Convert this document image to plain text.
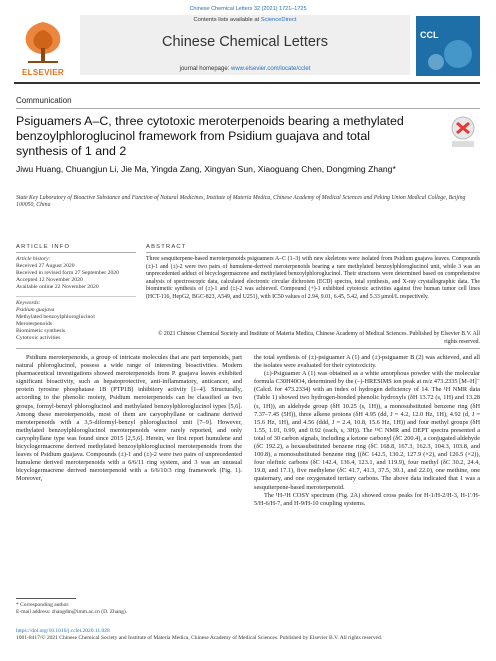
Chinese Chemical Letters 32 (2021) 1721–1725
ELSEVIER
Contents lists available at ScienceDirect
Chinese Chemical Letters
journal homepage: www.elsevier.com/locate/cclet
CCL
Communication
Psiguamers A–C, three cytotoxic meroterpenoids bearing a methylated benzoylphloroglucinol framework from Psidium guajava and total synthesis of 1 and 2
Jiwu Huang, Chuangjun Li, Jie Ma, Yingda Zang, Xingyan Sun, Xiaoguang Chen, Dongming Zhang*
State Key Laboratory of Bioactive Substance and Function of Natural Medicines, Institute of Materia Medica, Chinese Academy of Medical Sciences and Peking Union Medical College, Beijing 100050, China
ARTICLE INFO
Article history:
Received 27 August 2020
Received in revised form 27 September 2020
Accepted 12 November 2020
Available online 22 November 2020
Keywords:
Psidium guajava
Methylated benzoylphloroglucinol
Meroterpenoids
Biomimetic synthesis
Cytotoxic activities
ABSTRACT
Three sesquiterpene-based meroterpenoids psiguamers A–C (1–3) with new skeletons were isolated from Psidium guajava leaves. Compounds (±)-1 and (±)-2 were two pairs of humulene-derived meroterpenoids bearing a rare methylated benzoylphloroglucinol unit, while 3 was an unprecedented adduct of bicyclogermacrene and methylated benzoylphloroglucinol. Their structures were determined based on comprehensive analysis of spectroscopic data, calculated electronic circular dichroism (ECD) spectra, total synthesis, and X-ray crystallographic data. The biomimetic synthesis of (±)-1 and (±)-2 was achieved. Compound (+)-1 exhibited cytotoxic activities against five human tumor cell lines (HCT-116, HepG2, BGC-823, A549, and U251), with IC50 values of 2.94, 9.01, 6.45, 5.42, and 5.33 μmol/L respectively.
© 2021 Chinese Chemical Society and Institute of Materia Medica, Chinese Academy of Medical Sciences. Published by Elsevier B.V. All rights reserved.

Psidium meroterpenoids, a group of intricate molecules that are part terpenoids, part natural phloroglucinol, possess a wide range of interesting bioactivities. Modern pharmaceutical investigations showed meroterpenoids from P. guajava leaves exhibited significant bioactivity, such as hepatoprotective, anti-inflammatory, anticancer, and protein tyrosine phosphatase 1B (PTP1B) inhibitory activity [1–4]. Structurally, according to the phenolic moiety, Psidium meroterpenoids can be classified as two groups, formyl-benzyl phloroglucinol and methylated benzoylphloroglucinol types [5,6]. Among these meroterpenoids, most of them are caryophyllane or cadinane derived meroterpenoids with a 3,5-diformyl-benzyl phloroglucinol unit [7–9]. However, methylated benzoylphloroglucinol meroterpenoids were rarely reported, and only caryophyllane type was found since 2015 [2,5,6]. Herein, we first report humulene and bicyclogermacrene derived methylated benzoylphloroglucinol meroterpenoids from the leaves of Psidium guajava. Compounds (±)-1 and (±)-2 were two pairs of unprecedented humulene derived meroterpenoids with a 6/6/11 ring system, and 3 was an unusual bicyclogermacrene derived meroterpenoid with a 6/6/10/3 ring framework (Fig. 1). Moreover,

the total synthesis of (±)-psiguamer A (1) and (±)-psiguamer B (2) was achieved, and all the isolates were evaluated for their cytotoxicity.

(±)-Psiguamer A (1) was obtained as a white amorphous powder with the molecular formula C30H40O4, determined by the (–)-HRESIMS ion peak at m/z 473.2335 [M–H]⁻ (Calcd. for 473.2334) with an index of hydrogen deficiency of 14. The ¹H NMR data (Table 1) showed two hydrogen-bonded phenolic hydroxyls (δH 13.72 (s, 1H) and 13.28 (s, 1H)), an aldehyde group (δH 10.25 (s, 1H)), a monosubstituted benzene ring (δH 7.37–7.45 (5H)), three alkene protons (δH 4.95 (dd, J = 4.2, 12.0 Hz, 1H), 4.92 (d, J = 15.6 Hz, 1H), and 4.56 (ddd, J = 2.4, 10.8, 15.6 Hz, 1H)) and four methyl groups (δH 1.55, 1.01, 0.99, and 0.92 (each, s, 3H)). The ¹³C NMR and DEPT spectra presented a total of 30 carbon signals, including a ketone carbonyl (δC 200.4), a conjugated aldehyde (δC 192.2), a hexasubstituted benzene ring (δC 168.8, 167.3, 162.3, 104.3, 103.8, and 100.8), a monosubstituted benzene ring ((δC 142.5, 130.2, 127.9 (×2), and 126.5 (×2)), four olefinic carbons (δC 142.4, 136.4, 123.1, and 119.9), four methyl (δC 30.2, 24.4, 19.8, and 17.1), five methylene (δC 41.7, 41.3, 37.5, 30.1, and 22.0), one methine, one quaternary, and one oxygenated tertiary carbons. The above data indicated that 1 was a sesquiterpene-based meroterpenoid.

The ¹H-¹H COSY spectrum (Fig. 2A) showed cross peaks for H-1/H-2/H-3, H-1′/H-5/H-6/H-7, and H-9/H-10 coupling systems.

* Corresponding author.
E-mail address: zhangdm@imm.ac.cn (D. Zhang).
https://doi.org/10.1016/j.cclet.2020.11.028
1001-8417/© 2021 Chinese Chemical Society and Institute of Materia Medica, Chinese Academy of Medical Sciences. Published by Elsevier B.V. All rights reserved.
